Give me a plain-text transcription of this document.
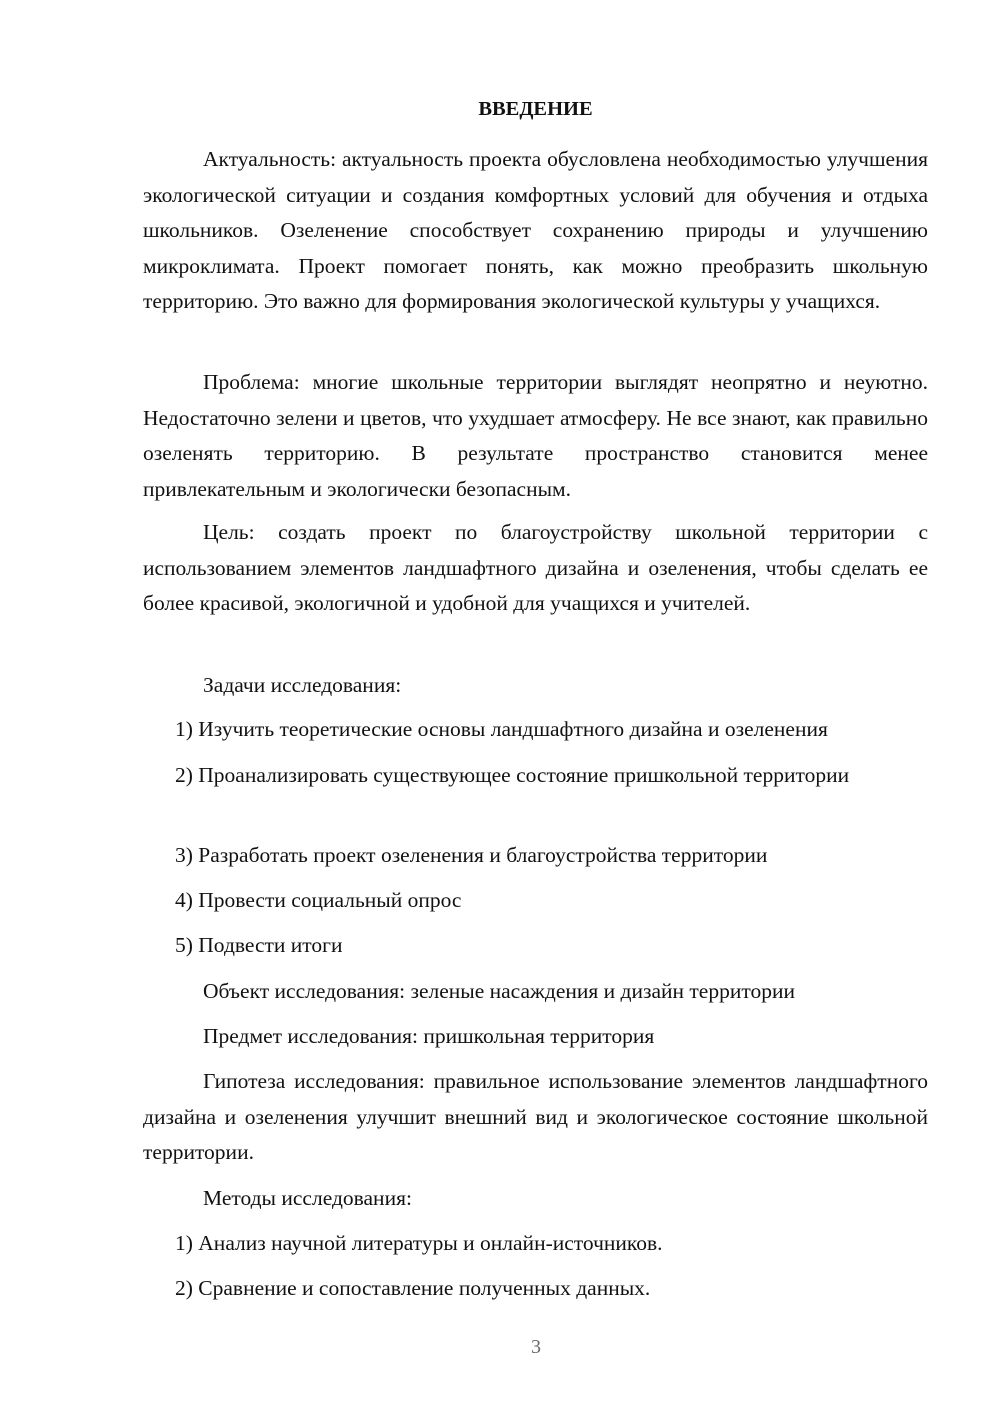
ВВЕДЕНИЕ

Актуальность: актуальность проекта обусловлена необходимостью улучшения экологической ситуации и создания комфортных условий для обучения и отдыха школьников. Озеленение способствует сохранению природы и улучшению микроклимата. Проект помогает понять, как можно преобразить школьную территорию. Это важно для формирования экологической культуры у учащихся.

Проблема: многие школьные территории выглядят неопрятно и неуютно. Недостаточно зелени и цветов, что ухудшает атмосферу. Не все знают, как правильно озеленять территорию. В результате пространство становится менее привлекательным и экологически безопасным.

Цель: создать проект по благоустройству школьной территории с использованием элементов ландшафтного дизайна и озеленения, чтобы сделать ее более красивой, экологичной и удобной для учащихся и учителей.

Задачи исследования:

1) Изучить теоретические основы ландшафтного дизайна и озеленения

2) Проанализировать существующее состояние пришкольной территории

3) Разработать проект озеленения и благоустройства территории

4) Провести социальный опрос

5) Подвести итоги

Объект исследования: зеленые насаждения и дизайн территории

Предмет исследования: пришкольная территория

Гипотеза исследования: правильное использование элементов ландшафтного дизайна и озеленения улучшит внешний вид и экологическое состояние школьной территории.

Методы исследования:

1) Анализ научной литературы и онлайн-источников.

2) Сравнение и сопоставление полученных данных.

3
